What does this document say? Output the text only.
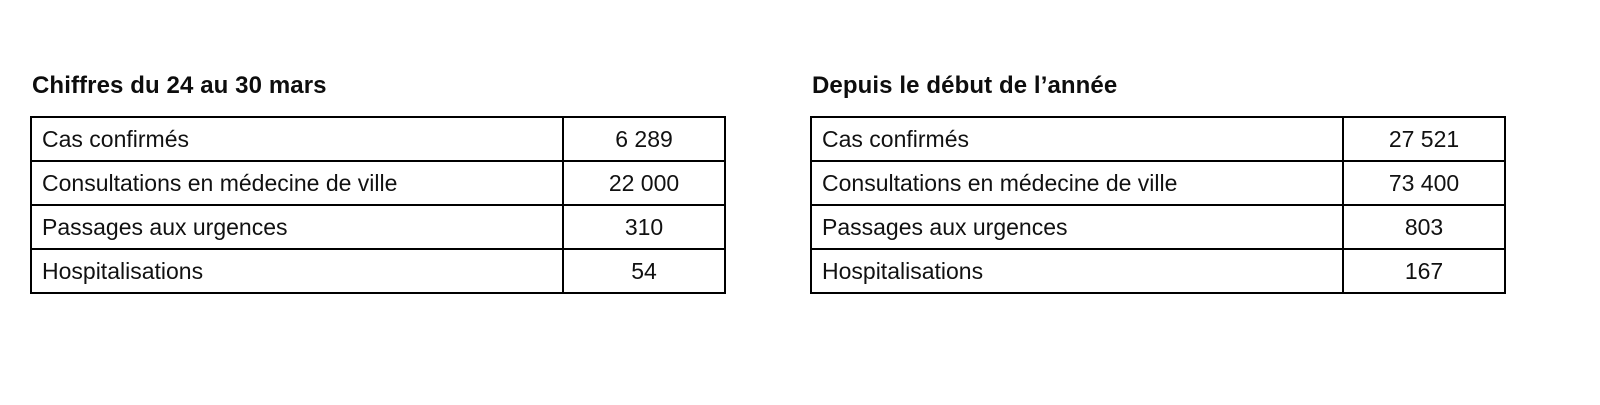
Chiffres du 24 au 30 mars
Cas confirmés	6 289
Consultations en médecine de ville	22 000
Passages aux urgences	310
Hospitalisations	54
Depuis le début de l’année
Cas confirmés	27 521
Consultations en médecine de ville	73 400
Passages aux urgences	803
Hospitalisations	167
